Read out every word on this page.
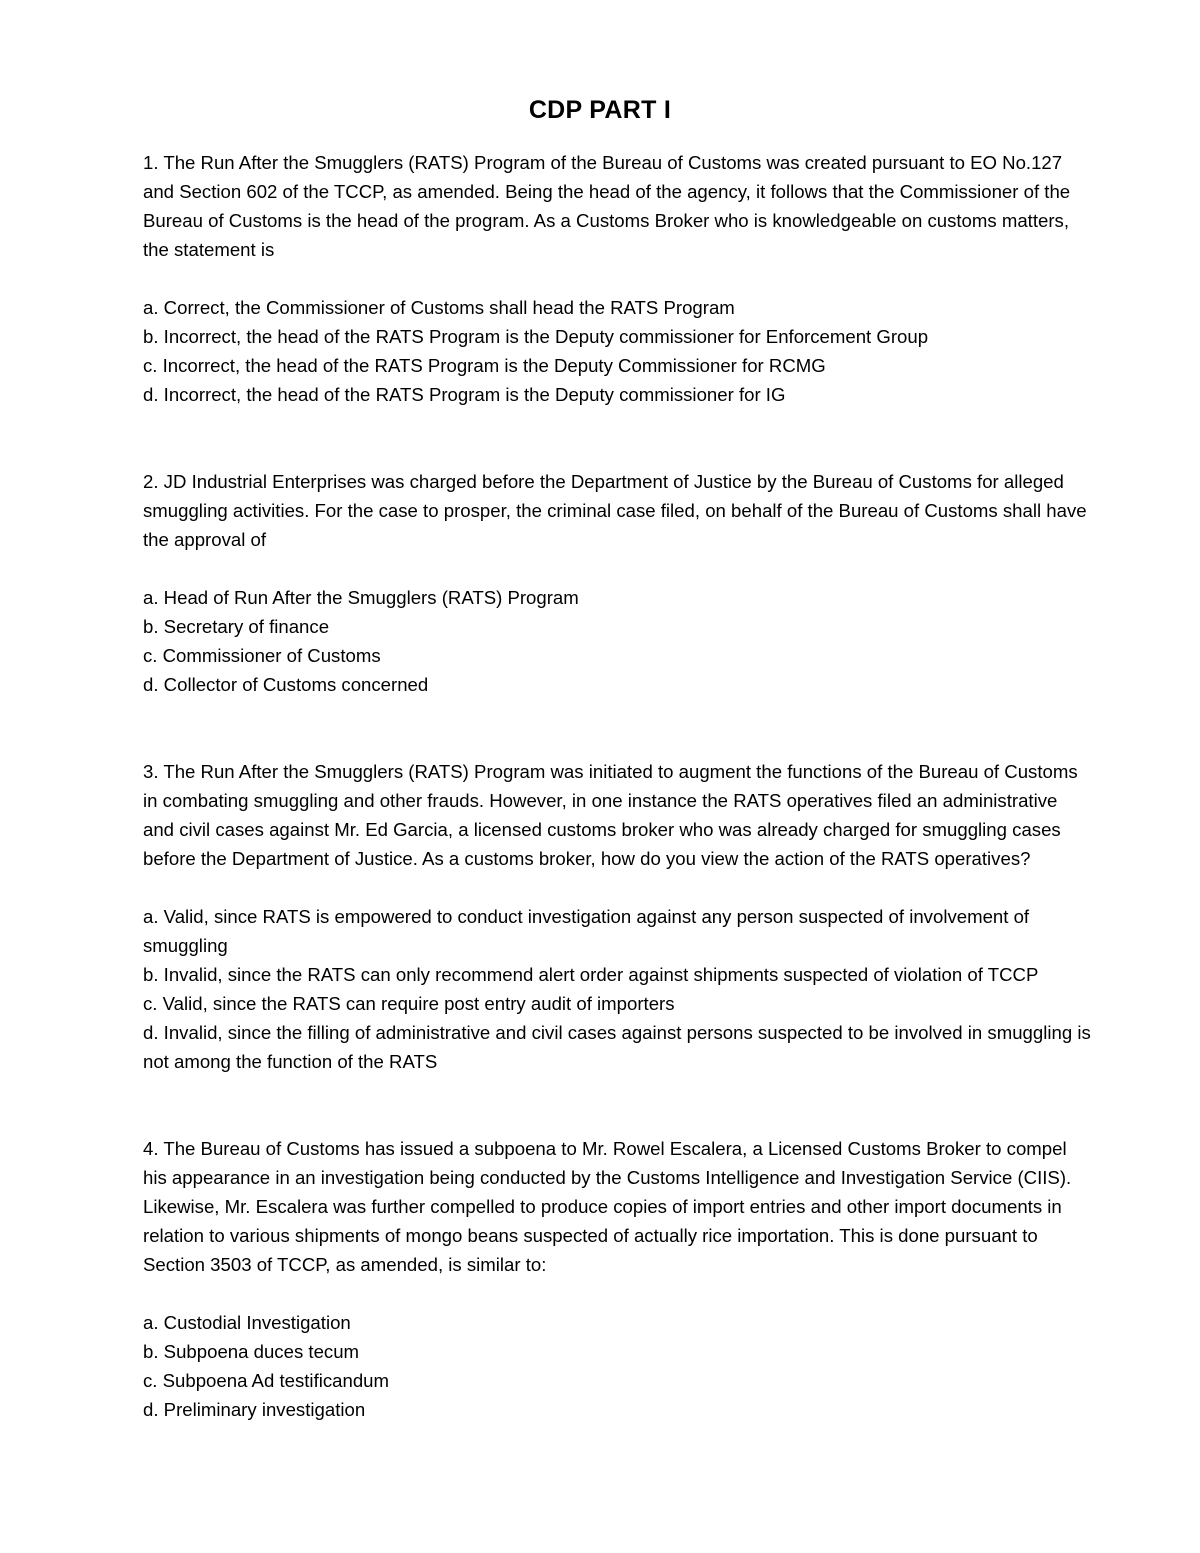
CDP PART I

1. The Run After the Smugglers (RATS) Program of the Bureau of Customs was created pursuant to EO No.127 and Section 602 of the TCCP, as amended. Being the head of the agency, it follows that the Commissioner of the Bureau of Customs is the head of the program. As a Customs Broker who is knowledgeable on customs matters, the statement is

a. Correct, the Commissioner of Customs shall head the RATS Program

b. Incorrect, the head of the RATS Program is the Deputy commissioner for Enforcement Group

c. Incorrect, the head of the RATS Program is the Deputy Commissioner for RCMG

d. Incorrect, the head of the RATS Program is the Deputy commissioner for IG

2. JD Industrial Enterprises was charged before the Department of Justice by the Bureau of Customs for alleged smuggling activities. For the case to prosper, the criminal case filed, on behalf of the Bureau of Customs shall have the approval of

a. Head of Run After the Smugglers (RATS) Program

b. Secretary of finance

c. Commissioner of Customs

d. Collector of Customs concerned

3. The Run After the Smugglers (RATS) Program was initiated to augment the functions of the Bureau of Customs in combating smuggling and other frauds. However, in one instance the RATS operatives filed an administrative and civil cases against Mr. Ed Garcia, a licensed customs broker who was already charged for smuggling cases before the Department of Justice. As a customs broker, how do you view the action of the RATS operatives?

a. Valid, since RATS is empowered to conduct investigation against any person suspected of involvement of smuggling

b. Invalid, since the RATS can only recommend alert order against shipments suspected of violation of TCCP

c. Valid, since the RATS can require post entry audit of importers

d. Invalid, since the filling of administrative and civil cases against persons suspected to be involved in smuggling is not among the function of the RATS

4. The Bureau of Customs has issued a subpoena to Mr. Rowel Escalera, a Licensed Customs Broker to compel his appearance in an investigation being conducted by the Customs Intelligence and Investigation Service (CIIS). Likewise, Mr. Escalera was further compelled to produce copies of import entries and other import documents in relation to various shipments of mongo beans suspected of actually rice importation. This is done pursuant to Section 3503 of TCCP, as amended, is similar to:

a. Custodial Investigation

b. Subpoena duces tecum

c. Subpoena Ad testificandum

d. Preliminary investigation
